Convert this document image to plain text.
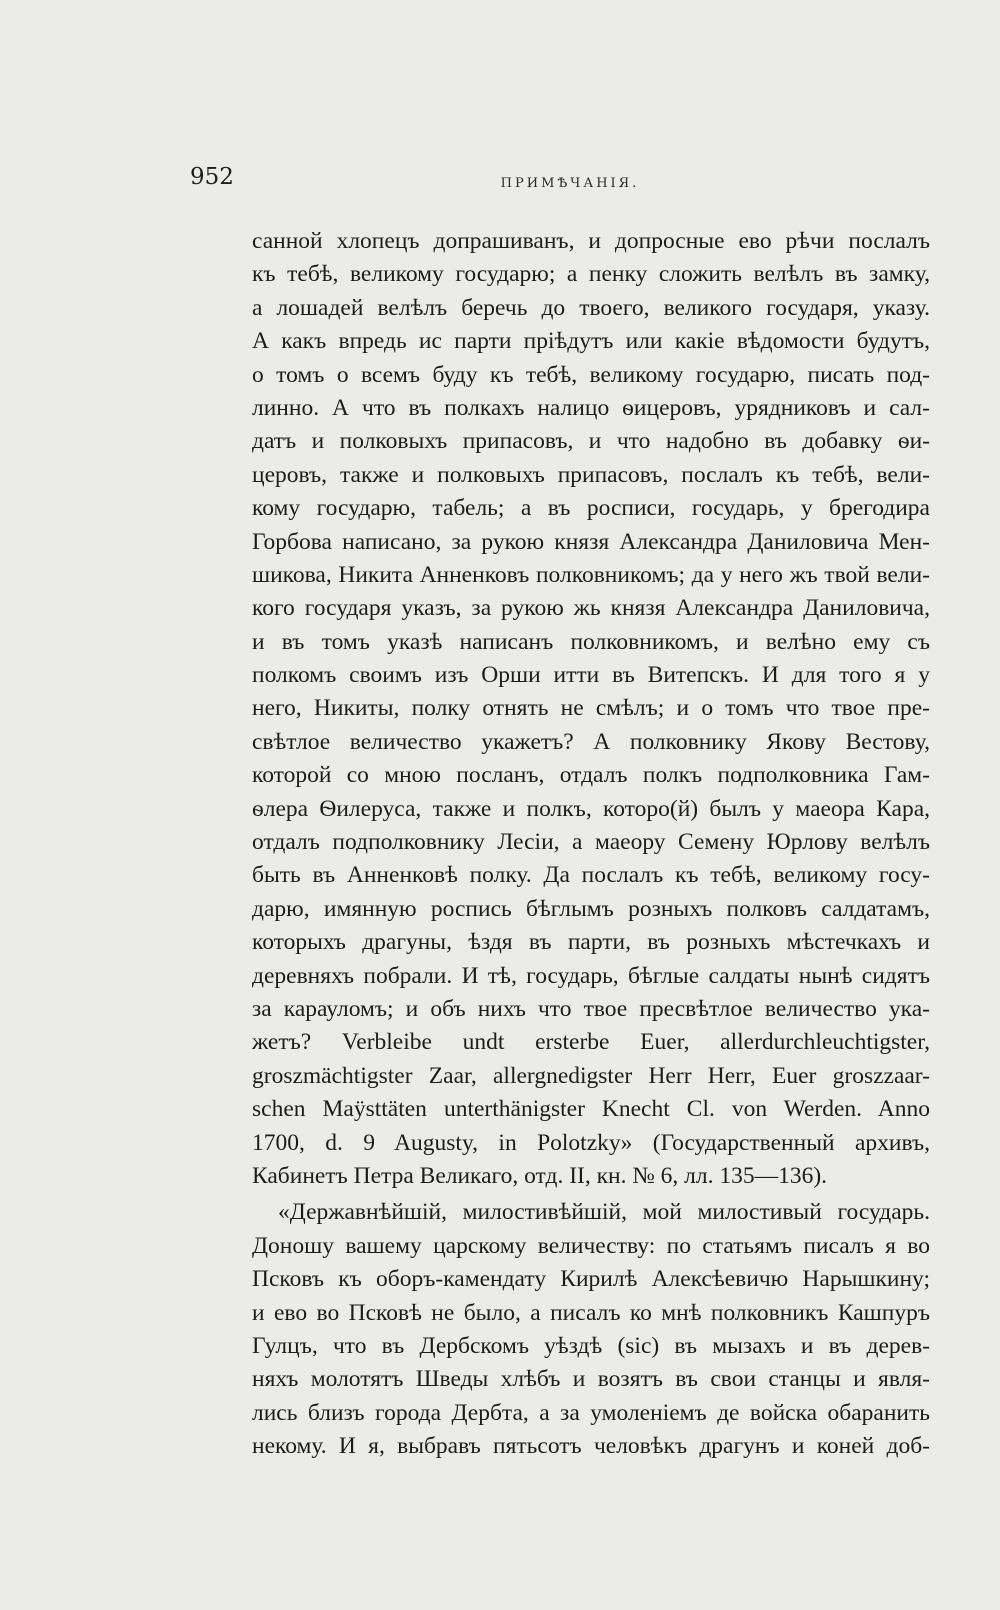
952	ПРИМѢЧАНІЯ.
санной хлопецъ допрашиванъ, и допросные ево рѣчи послалъ
къ тебѣ, великому государю; а пенку сложить велѣлъ въ замку,
а лошадей велѣлъ беречь до твоего, великого государя, указу.
А какъ впредь ис парти пріѣдутъ или какіе вѣдомости будутъ,
о томъ о всемъ буду къ тебѣ, великому государю, писать под-
линно. А что въ полкахъ налицо ѳицеровъ, урядниковъ и сал-
датъ и полковыхъ припасовъ, и что надобно въ добавку ѳи-
церовъ, также и полковыхъ припасовъ, послалъ къ тебѣ, вели-
кому государю, табель; а въ росписи, государь, у брегодира
Горбова написано, за рукою князя Александра Даниловича Мен-
шикова, Никита Анненковъ полковникомъ; да у него жъ твой вели-
кого государя указъ, за рукою жь князя Александра Даниловича,
и въ томъ указѣ написанъ полковникомъ, и велѣно ему съ
полкомъ своимъ изъ Орши итти въ Витепскъ. И для того я у
него, Никиты, полку отнять не смѣлъ; и о томъ что твое пре-
свѣтлое величество укажетъ? А полковнику Якову Вестову,
которой со мною посланъ, отдалъ полкъ подполковника Гам-
ѳлера Ѳилеруса, также и полкъ, которо(й) былъ у маеора Кара,
отдалъ подполковнику Лесіи, а маеору Семену Юрлову велѣлъ
быть въ Анненковѣ полку. Да послалъ къ тебѣ, великому госу-
дарю, имянную роспись бѣглымъ розныхъ полковъ салдатамъ,
которыхъ драгуны, ѣздя въ парти, въ розныхъ мѣстечкахъ и
деревняхъ побрали. И тѣ, государь, бѣглые салдаты нынѣ сидятъ
за карауломъ; и объ нихъ что твое пресвѣтлое величество ука-
жетъ? Verbleibe undt ersterbe Euer, allerdurchleuchtigster,
groszmächtigster Zaar, allergnedigster Herr Herr, Euer groszzaar-
schen Maÿsttäten unterthänigster Knecht Cl. von Werden. Anno
1700, d. 9 Augusty, in Polotzky» (Государственный архивъ,
Кабинетъ Петра Великаго, отд. II, кн. № 6, лл. 135—136).
«Державнѣйшій, милостивѣйшій, мой милостивый государь.
Доношу вашему царскому величеству: по статьямъ писалъ я во
Псковъ къ оборъ-камендату Кирилѣ Алексѣевичю Нарышкину;
и ево во Псковѣ не было, а писалъ ко мнѣ полковникъ Кашпуръ
Гулцъ, что въ Дербскомъ уѣздѣ (sic) въ мызахъ и въ дерев-
няхъ молотятъ Шведы хлѣбъ и возятъ въ свои станцы и явля-
лись близъ города Дербта, а за умоленіемъ де войска обаранить
некому. И я, выбравъ пятьсотъ человѣкъ драгунъ и коней доб-
